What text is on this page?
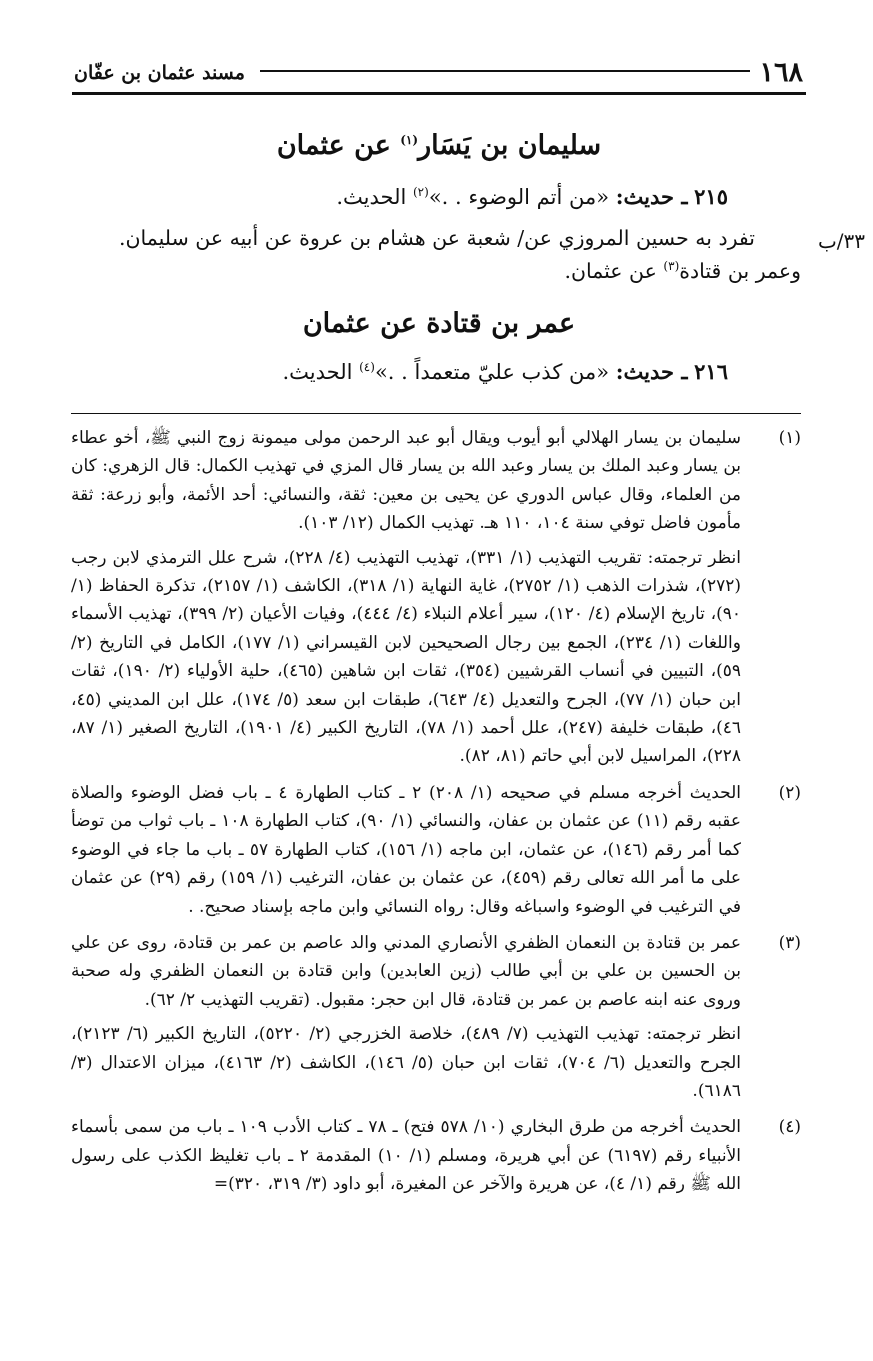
١٦٨
مسند عثمان بن عفّان
سليمان بن يَسَار$^{(١)}$ عن عثمان
٢١٥ ـ حديث: «من أتم الوضوء . .»$^{(٢)}$ الحديث.
٣٣/ب

تفرد به حسين المروزي عن/ شعبة عن هشام بن عروة عن أبيه عن سليمان.

وعمر بن قتادة$^{(٣)}$ عن عثمان.

عمر بن قتادة عن عثمان
٢١٦ ـ حديث: «من كذب عليّ متعمداً . .»$^{(٤)}$ الحديث.
(١)

سليمان بن يسار الهلالي أبو أيوب ويقال أبو عبد الرحمن مولى ميمونة زوج النبي ﷺ، أخو عطاء بن يسار وعبد الملك بن يسار وعبد الله بن يسار قال المزي في تهذيب الكمال: قال الزهري: كان من العلماء، وقال عباس الدوري عن يحيى بن معين: ثقة، والنسائي: أحد الأئمة، وأبو زرعة: ثقة مأمون فاضل توفي سنة ١٠٤، ١١٠ هـ. تهذيب الكمال (١٢/ ١٠٣).

انظر ترجمته: تقريب التهذيب (١/ ٣٣١)، تهذيب التهذيب (٤/ ٢٢٨)، شرح علل الترمذي لابن رجب (٢٧٢)، شذرات الذهب (١/ ٢٧٥٢)، غاية النهاية (١/ ٣١٨)، الكاشف (١/ ٢١٥٧)، تذكرة الحفاظ (١/ ٩٠)، تاريخ الإسلام (٤/ ١٢٠)، سير أعلام النبلاء (٤/ ٤٤٤)، وفيات الأعيان (٢/ ٣٩٩)، تهذيب الأسماء واللغات (١/ ٢٣٤)، الجمع بين رجال الصحيحين لابن القيسراني (١/ ١٧٧)، الكامل في التاريخ (٢/ ٥٩)، التبيين في أنساب القرشيين (٣٥٤)، ثقات ابن شاهين (٤٦٥)، حلية الأولياء (٢/ ١٩٠)، ثقات ابن حبان (١/ ٧٧)، الجرح والتعديل (٤/ ٦٤٣)، طبقات ابن سعد (٥/ ١٧٤)، علل ابن المديني (٤٥، ٤٦)، طبقات خليفة (٢٤٧)، علل أحمد (١/ ٧٨)، التاريخ الكبير (٤/ ١٩٠١)، التاريخ الصغير (١/ ٨٧، ٢٢٨)، المراسيل لابن أبي حاتم (٨١، ٨٢).

(٢)

الحديث أخرجه مسلم في صحيحه (١/ ٢٠٨) ٢ ـ كتاب الطهارة ٤ ـ باب فضل الوضوء والصلاة عقبه رقم (١١) عن عثمان بن عفان، والنسائي (١/ ٩٠)، كتاب الطهارة ١٠٨ ـ باب ثواب من توضأ كما أمر رقم (١٤٦)، عن عثمان، ابن ماجه (١/ ١٥٦)، كتاب الطهارة ٥٧ ـ باب ما جاء في الوضوء على ما أمر الله تعالى رقم (٤٥٩)، عن عثمان بن عفان، الترغيب (١/ ١٥٩) رقم (٢٩) عن عثمان في الترغيب في الوضوء واسباغه وقال: رواه النسائي وابن ماجه بإسناد صحيح. .

(٣)

عمر بن قتادة بن النعمان الظفري الأنصاري المدني والد عاصم بن عمر بن قتادة، روى عن علي بن الحسين بن علي بن أبي طالب (زين العابدين) وابن قتادة بن النعمان الظفري وله صحبة وروى عنه ابنه عاصم بن عمر بن قتادة، قال ابن حجر: مقبول. (تقريب التهذيب ٢/ ٦٢).

انظر ترجمته: تهذيب التهذيب (٧/ ٤٨٩)، خلاصة الخزرجي (٢/ ٥٢٢٠)، التاريخ الكبير (٦/ ٢١٢٣)، الجرح والتعديل (٦/ ٧٠٤)، ثقات ابن حبان (٥/ ١٤٦)، الكاشف (٢/ ٤١٦٣)، ميزان الاعتدال (٣/ ٦١٨٦).

(٤)

الحديث أخرجه من طرق البخاري (١٠/ ٥٧٨ فتح) ـ ٧٨ ـ كتاب الأدب ١٠٩ ـ باب من سمى بأسماء الأنبياء رقم (٦١٩٧) عن أبي هريرة، ومسلم (١/ ١٠) المقدمة ٢ ـ باب تغليظ الكذب على رسول الله ﷺ رقم (١/ ٤)، عن هريرة والآخر عن المغيرة، أبو داود (٣/ ٣١٩، ٣٢٠)=
